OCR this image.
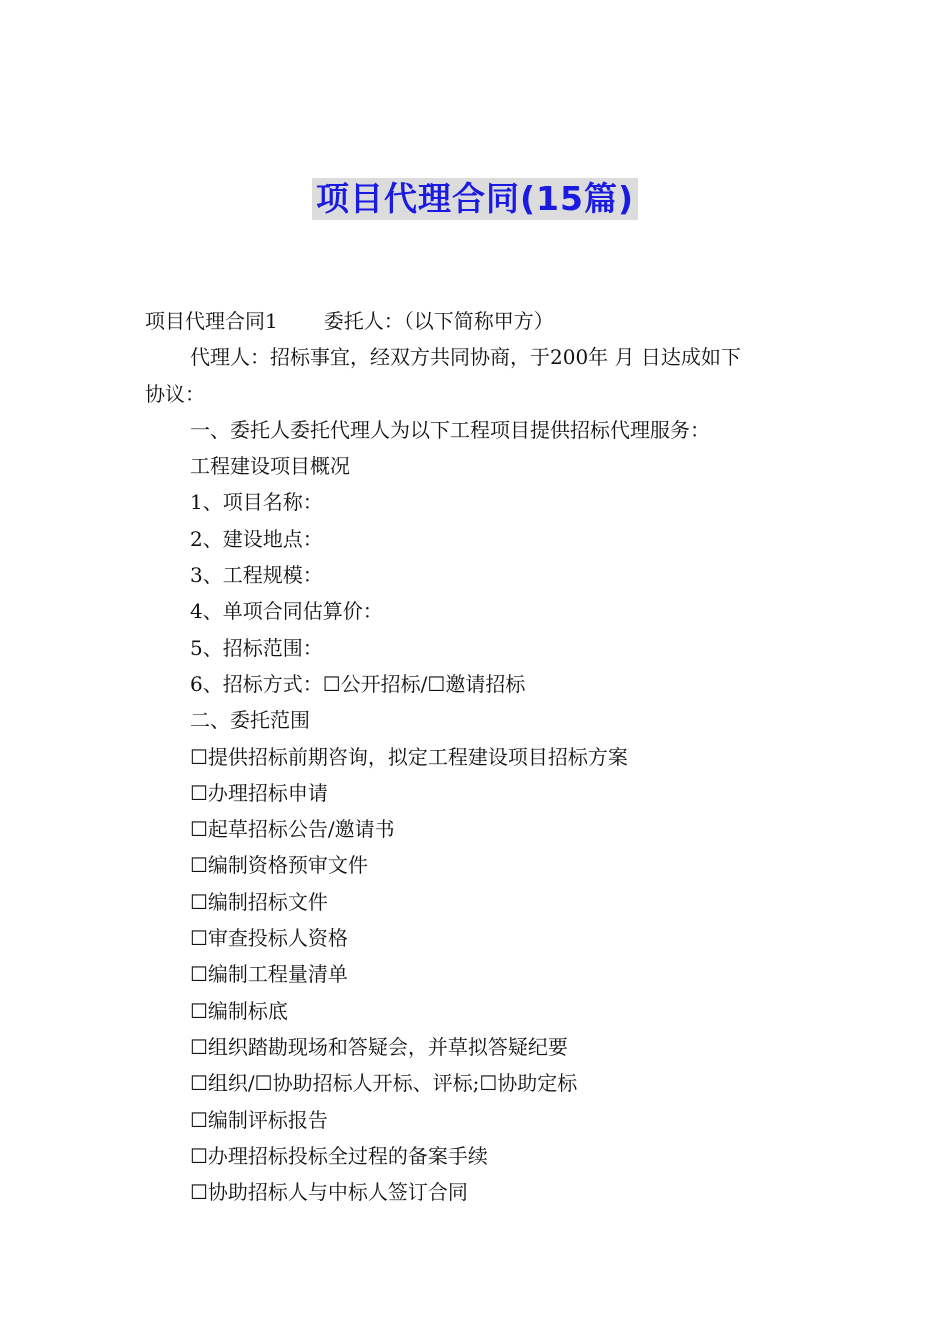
项目代理合同(15篇)

项目代理合同1 委托人：（以下简称甲方）

代理人：招标事宜，经双方共同协商，于200年 月 日达成如下

协议：

一、委托人委托代理人为以下工程项目提供招标代理服务：

工程建设项目概况

1、项目名称：

2、建设地点：

3、工程规模：

4、单项合同估算价：

5、招标范围：

6、招标方式：☐公开招标/☐邀请招标

二、委托范围

☐提供招标前期咨询，拟定工程建设项目招标方案

☐办理招标申请

☐起草招标公告/邀请书

☐编制资格预审文件

☐编制招标文件

☐审查投标人资格

☐编制工程量清单

☐编制标底

☐组织踏勘现场和答疑会，并草拟答疑纪要

☐组织/☐协助招标人开标、评标;☐协助定标

☐编制评标报告

☐办理招标投标全过程的备案手续

☐协助招标人与中标人签订合同
